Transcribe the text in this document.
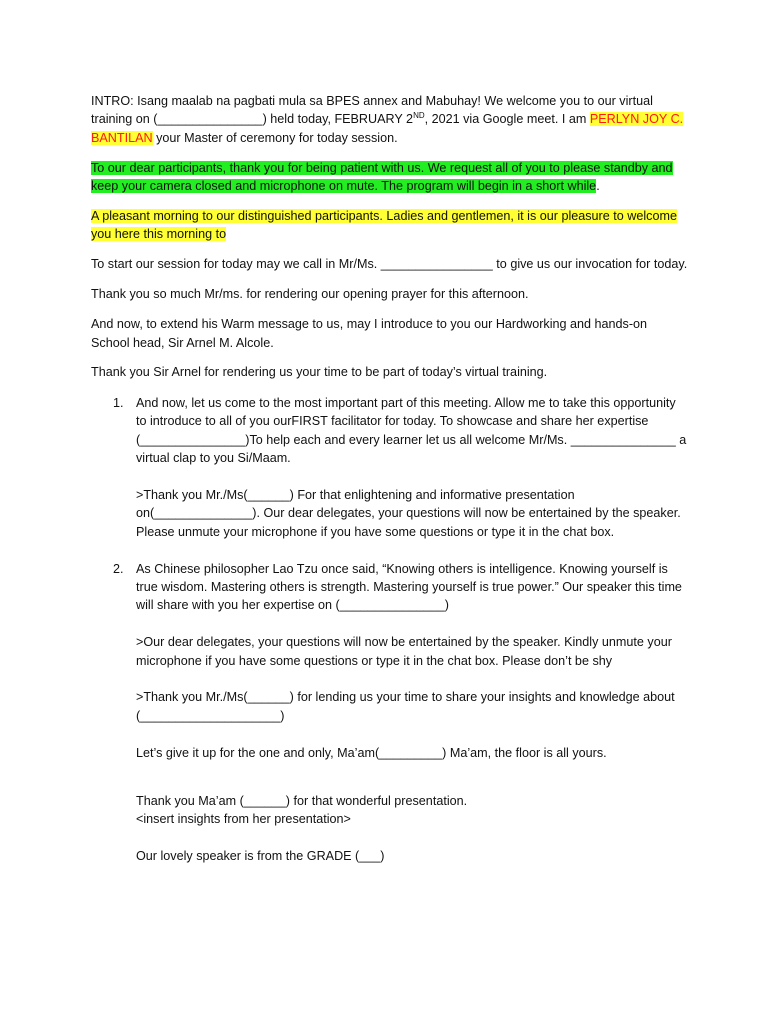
INTRO: Isang maalab na pagbati mula sa BPES annex and Mabuhay! We welcome you to our virtual training on (_______________) held today, FEBRUARY 2ND, 2021 via Google meet. I am PERLYN JOY C. BANTILAN your Master of ceremony for today session.

To our dear participants, thank you for being patient with us. We request all of you to please standby and keep your camera closed and microphone on mute. The program will begin in a short while.

A pleasant morning to our distinguished participants. Ladies and gentlemen, it is our pleasure to welcome you here this morning to

To start our session for today may we call in Mr/Ms. ________________ to give us our invocation for today.

Thank you so much Mr/ms. for rendering our opening prayer for this afternoon.

And now, to extend his Warm message to us, may I introduce to you our Hardworking and hands-on School head, Sir Arnel M. Alcole.

Thank you Sir Arnel for rendering us your time to be part of today’s virtual training.

1. And now, let us come to the most important part of this meeting. Allow me to take this opportunity to introduce to all of you ourFIRST facilitator for today. To showcase and share her expertise (_______________)To help each and every learner let us all welcome Mr/Ms. _______________ a virtual clap to you Si/Maam.

>Thank you Mr./Ms(______) For that enlightening and informative presentation on(______________). Our dear delegates, your questions will now be entertained by the speaker. Please unmute your microphone if you have some questions or type it in the chat box.

2. As Chinese philosopher Lao Tzu once said, “Knowing others is intelligence. Knowing yourself is true wisdom. Mastering others is strength. Mastering yourself is true power.” Our speaker this time will share with you her expertise on (_______________)

>Our dear delegates, your questions will now be entertained by the speaker. Kindly unmute your microphone if you have some questions or type it in the chat box. Please don’t be shy

>Thank you Mr./Ms(______) for lending us your time to share your insights and knowledge about (____________________)

Let’s give it up for the one and only, Ma’am(_________) Ma’am, the floor is all yours.

Thank you Ma’am (______) for that wonderful presentation.
<insert insights from her presentation>
Our lovely speaker is from the GRADE (___)
